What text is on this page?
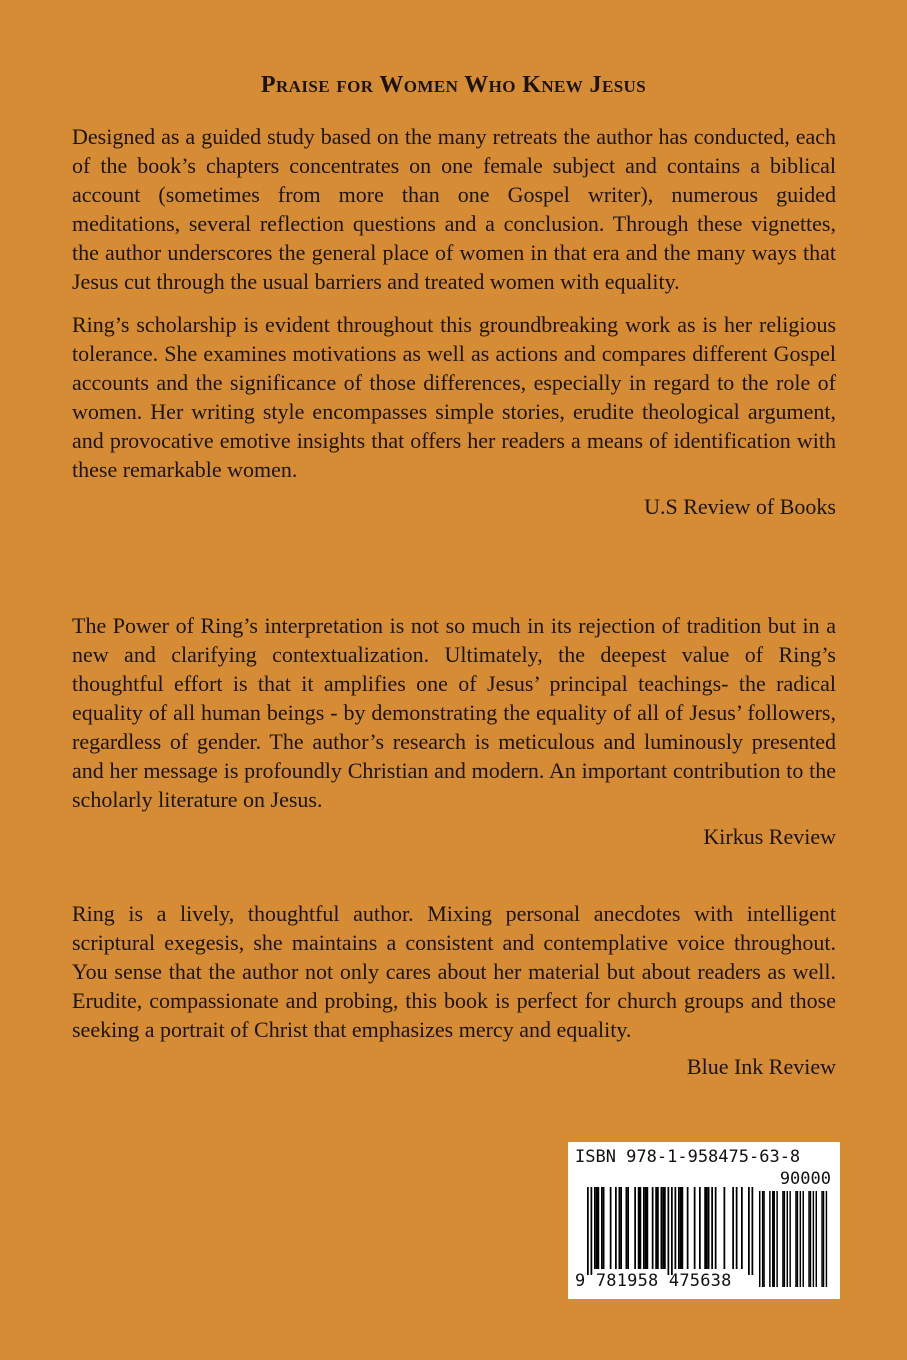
Praise for Women Who Knew Jesus

Designed as a guided study based on the many retreats the author has conducted, each of the book’s chapters concentrates on one female subject and contains a biblical account (sometimes from more than one Gospel writer), numerous guided meditations, several reflection questions and a conclusion. Through these vignettes, the author underscores the general place of women in that era and the many ways that Jesus cut through the usual barriers and treated women with equality.

Ring’s scholarship is evident throughout this groundbreaking work as is her religious tolerance. She examines motivations as well as actions and compares different Gospel accounts and the significance of those differences, especially in regard to the role of women. Her writing style encompasses simple stories, erudite theological argument, and provocative emotive insights that offers her readers a means of identification with these remarkable women.

U.S Review of Books

The Power of Ring’s interpretation is not so much in its rejection of tradition but in a new and clarifying contextualization. Ultimately, the deepest value of Ring’s thoughtful effort is that it amplifies one of Jesus’ principal teachings- the radical equality of all human beings - by demonstrating the equality of all of Jesus’ followers, regardless of gender. The author’s research is meticulous and luminously presented and her message is profoundly Christian and modern. An important contribution to the scholarly literature on Jesus.

Kirkus Review

Ring is a lively, thoughtful author. Mixing personal anecdotes with intelligent scriptural exegesis, she maintains a consistent and contemplative voice throughout. You sense that the author not only cares about her material but about readers as well. Erudite, compassionate and probing, this book is perfect for church groups and those seeking a portrait of Christ that emphasizes mercy and equality.

Blue Ink Review

ISBN 978-1-958475-63-8
90000
9 781958 475638
